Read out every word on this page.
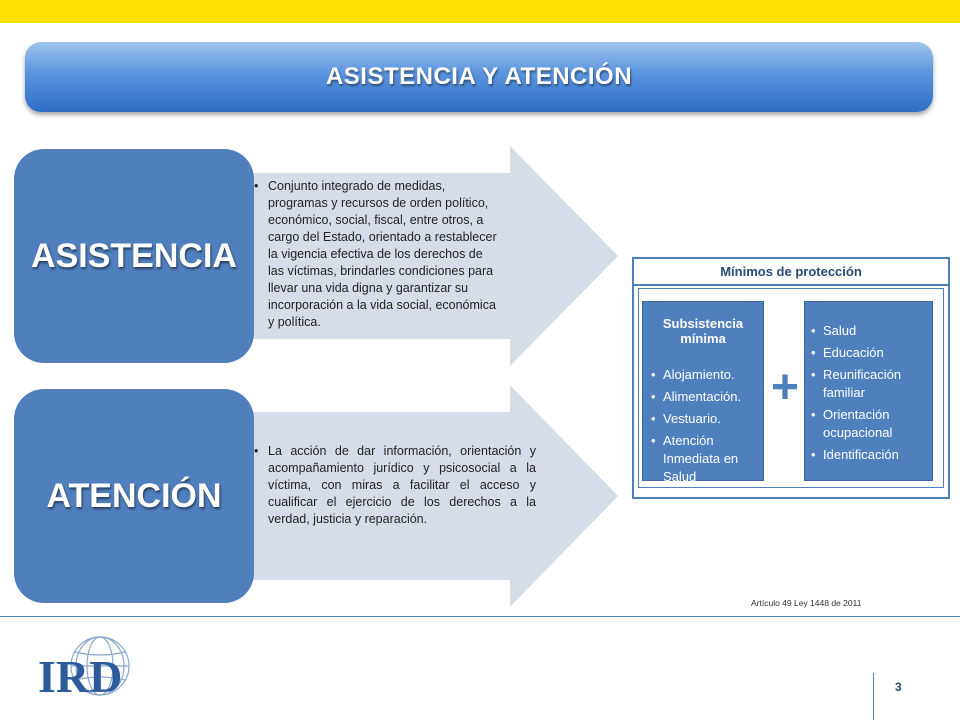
ASISTENCIA Y ATENCIÓN
ASISTENCIA
• Conjunto integrado de medidas,
programas y recursos de orden político,
económico, social, fiscal, entre otros, a
cargo del Estado, orientado a restablecer
la vigencia efectiva de los derechos de
las víctimas, brindarles condiciones para
llevar una vida digna y garantizar su
incorporación a la vida social, económica
y política.
ATENCIÓN
• La acción de dar información, orientación y acompañamiento jurídico y psicosocial a la víctima, con miras a facilitar el acceso y cualificar el ejercicio de los derechos a la verdad, justicia y reparación.
Mínimos de protección
Subsistencia mínima
• Alojamiento.
• Alimentación.
• Vestuario.
• Atención Inmediata en Salud
+
• Salud
• Educación
• Reunificación familiar
• Orientación ocupacional
• Identificación
Artículo 49 Ley 1448 de 2011
IRD	3
